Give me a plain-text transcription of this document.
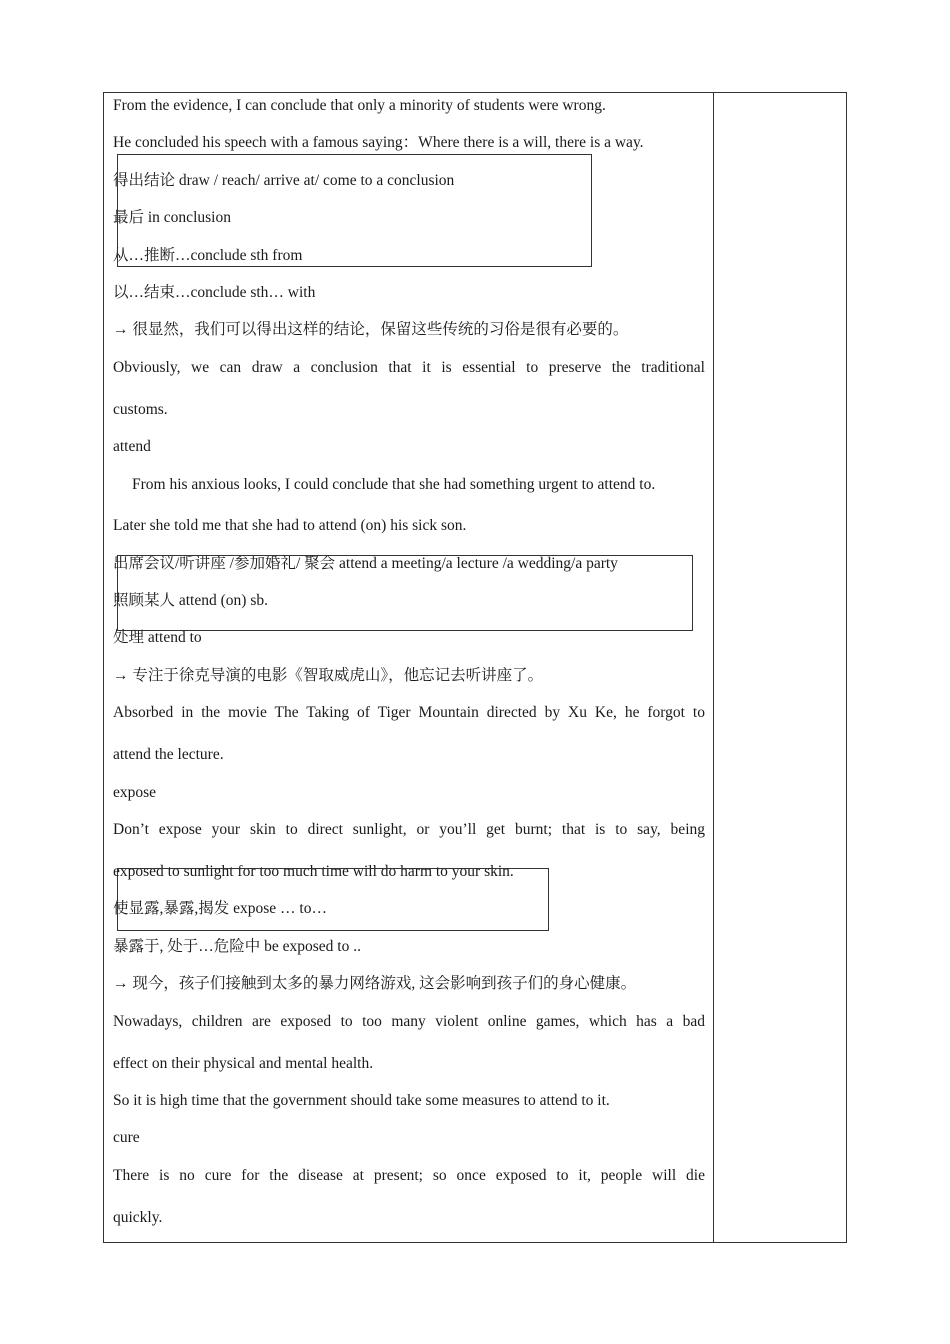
From the evidence, I can conclude that only a minority of students were wrong.
He concluded his speech with a famous saying：Where there is a will, there is a way.
得出结论 draw / reach/ arrive at/ come to a conclusion
最后 in conclusion
从…推断…conclude sth from
以…结束…conclude sth… with
→ 很显然，我们可以得出这样的结论，保留这些传统的习俗是很有必要的。
Obviously, we can draw a conclusion that it is essential to preserve the traditional
customs.
attend
From his anxious looks, I could conclude that she had something urgent to attend to.
Later she told me that she had to attend (on) his sick son.
出席会议/听讲座 /参加婚礼/ 聚会 attend a meeting/a lecture /a wedding/a party
照顾某人 attend (on) sb.
处理 attend to
→ 专注于徐克导演的电影《智取威虎山》，他忘记去听讲座了。
Absorbed in the movie The Taking of Tiger Mountain directed by Xu Ke, he forgot to
attend the lecture.
expose
Don’t expose your skin to direct sunlight, or you’ll get burnt; that is to say, being
exposed to sunlight for too much time will do harm to your skin.
使显露,暴露,揭发 expose … to…
暴露于, 处于…危险中 be exposed to ..
→ 现今，孩子们接触到太多的暴力网络游戏, 这会影响到孩子们的身心健康。
Nowadays, children are exposed to too many violent online games, which has a bad
effect on their physical and mental health.
So it is high time that the government should take some measures to attend to it.
cure
There is no cure for the disease at present; so once exposed to it, people will die
quickly.
